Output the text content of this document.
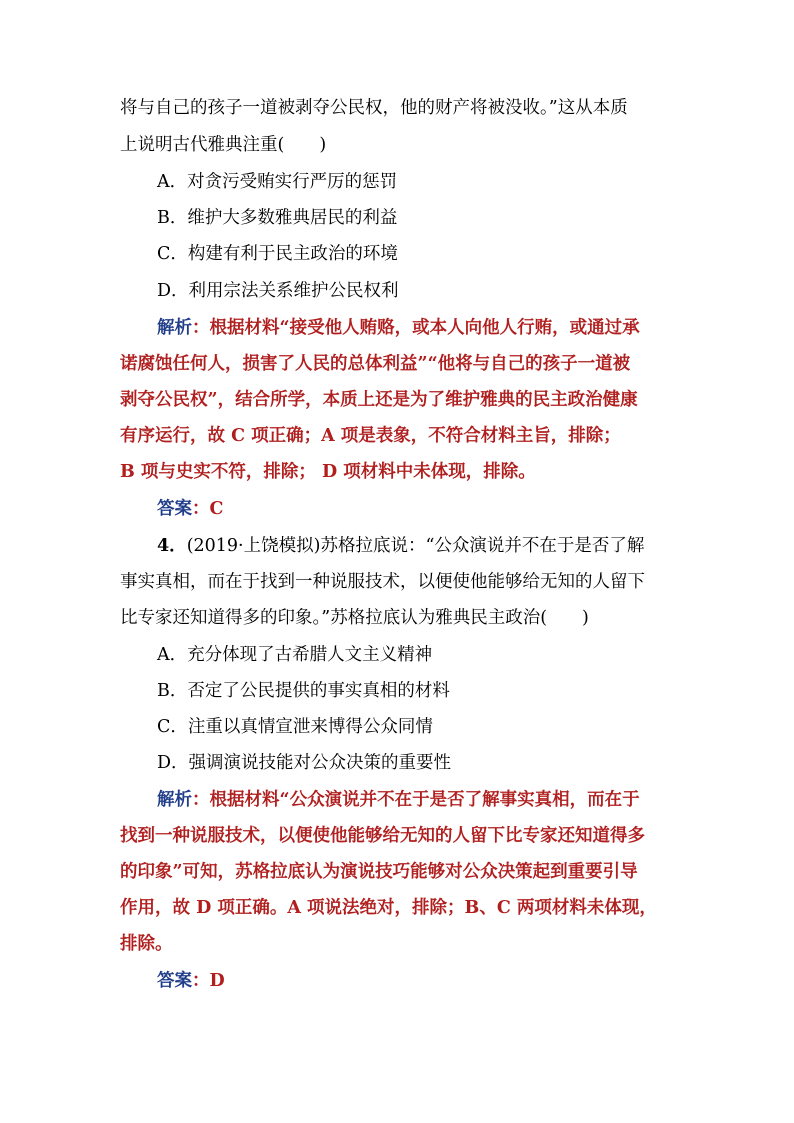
将与自己的孩子一道被剥夺公民权，他的财产将被没收。”这从本质
上说明古代雅典注重(　　)
A．对贪污受贿实行严厉的惩罚
B．维护大多数雅典居民的利益
C．构建有利于民主政治的环境
D．利用宗法关系维护公民权利
解析：根据材料“接受他人贿赂，或本人向他人行贿，或通过承
诺腐蚀任何人，损害了人民的总体利益”“他将与自己的孩子一道被
剥夺公民权”，结合所学，本质上还是为了维护雅典的民主政治健康
有序运行，故 C 项正确；A 项是表象，不符合材料主旨，排除；
B 项与史实不符，排除； D 项材料中未体现，排除。
答案：C
4．(2019·上饶模拟)苏格拉底说：“公众演说并不在于是否了解
事实真相，而在于找到一种说服技术，以便使他能够给无知的人留下
比专家还知道得多的印象。”苏格拉底认为雅典民主政治(　　)
A．充分体现了古希腊人文主义精神
B．否定了公民提供的事实真相的材料
C．注重以真情宣泄来博得公众同情
D．强调演说技能对公众决策的重要性
解析：根据材料“公众演说并不在于是否了解事实真相，而在于
找到一种说服技术，以便使他能够给无知的人留下比专家还知道得多
的印象”可知，苏格拉底认为演说技巧能够对公众决策起到重要引导
作用，故 D 项正确。A 项说法绝对，排除；B、C 两项材料未体现，
排除。
答案：D
